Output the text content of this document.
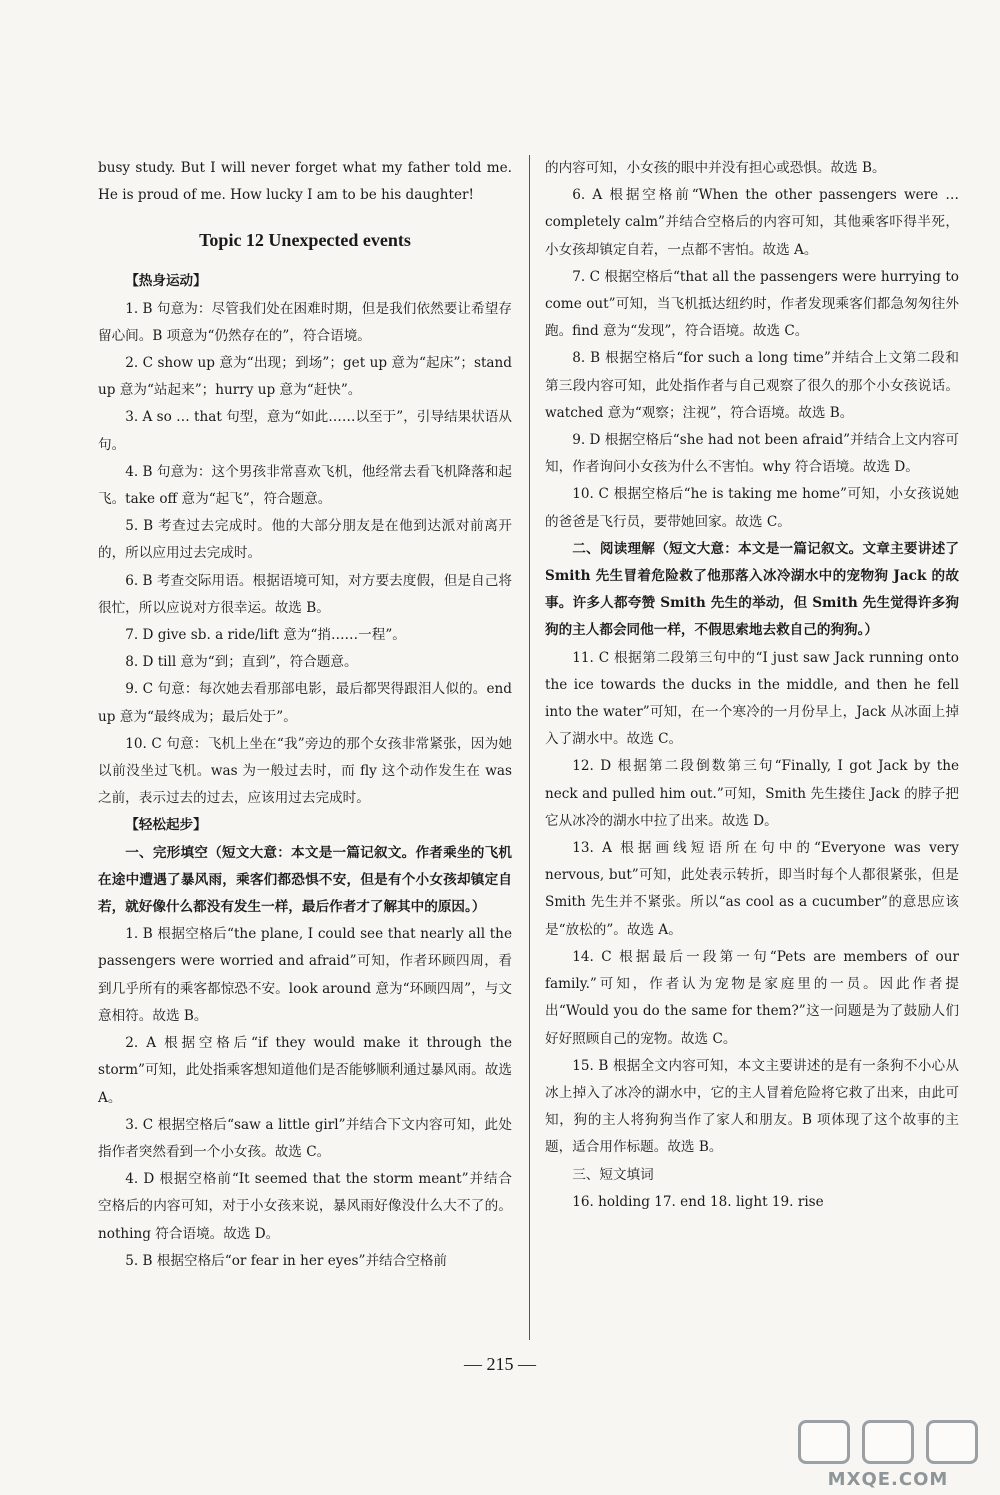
busy study. But I will never forget what my father told me. He is proud of me. How lucky I am to be his daughter!

Topic 12 Unexpected events

【热身运动】

1. B 句意为：尽管我们处在困难时期，但是我们依然要让希望存留心间。B 项意为“仍然存在的”，符合语境。

2. C show up 意为“出现；到场”；get up 意为“起床”；stand up 意为“站起来”；hurry up 意为“赶快”。

3. A so … that 句型，意为“如此……以至于”，引导结果状语从句。

4. B 句意为：这个男孩非常喜欢飞机，他经常去看飞机降落和起飞。take off 意为“起飞”，符合题意。

5. B 考查过去完成时。他的大部分朋友是在他到达派对前离开的，所以应用过去完成时。

6. B 考查交际用语。根据语境可知，对方要去度假，但是自己将很忙，所以应说对方很幸运。故选 B。

7. D give sb. a ride/lift 意为“捎……一程”。

8. D till 意为“到；直到”，符合题意。

9. C 句意：每次她去看那部电影，最后都哭得跟泪人似的。end up 意为“最终成为；最后处于”。

10. C 句意：飞机上坐在“我”旁边的那个女孩非常紧张，因为她以前没坐过飞机。was 为一般过去时，而 fly 这个动作发生在 was 之前，表示过去的过去，应该用过去完成时。

【轻松起步】

一、完形填空（短文大意：本文是一篇记叙文。作者乘坐的飞机在途中遭遇了暴风雨，乘客们都恐惧不安，但是有个小女孩却镇定自若，就好像什么都没有发生一样，最后作者才了解其中的原因。）

1. B 根据空格后“the plane, I could see that nearly all the passengers were worried and afraid”可知，作者环顾四周，看到几乎所有的乘客都惊恐不安。look around 意为“环顾四周”，与文意相符。故选 B。

2. A 根据空格后“if they would make it through the storm”可知，此处指乘客想知道他们是否能够顺利通过暴风雨。故选 A。

3. C 根据空格后“saw a little girl”并结合下文内容可知，此处指作者突然看到一个小女孩。故选 C。

4. D 根据空格前“It seemed that the storm meant”并结合空格后的内容可知，对于小女孩来说，暴风雨好像没什么大不了的。nothing 符合语境。故选 D。

5. B 根据空格后“or fear in her eyes”并结合空格前

的内容可知，小女孩的眼中并没有担心或恐惧。故选 B。

6. A 根据空格前“When the other passengers were … completely calm”并结合空格后的内容可知，其他乘客吓得半死，小女孩却镇定自若，一点都不害怕。故选 A。

7. C 根据空格后“that all the passengers were hurrying to come out”可知，当飞机抵达纽约时，作者发现乘客们都急匆匆往外跑。find 意为“发现”，符合语境。故选 C。

8. B 根据空格后“for such a long time”并结合上文第二段和第三段内容可知，此处指作者与自己观察了很久的那个小女孩说话。watched 意为“观察；注视”，符合语境。故选 B。

9. D 根据空格后“she had not been afraid”并结合上文内容可知，作者询问小女孩为什么不害怕。why 符合语境。故选 D。

10. C 根据空格后“he is taking me home”可知，小女孩说她的爸爸是飞行员，要带她回家。故选 C。

二、阅读理解（短文大意：本文是一篇记叙文。文章主要讲述了 Smith 先生冒着危险救了他那落入冰冷湖水中的宠物狗 Jack 的故事。许多人都夸赞 Smith 先生的举动，但 Smith 先生觉得许多狗狗的主人都会同他一样，不假思索地去救自己的狗狗。）

11. C 根据第二段第三句中的“I just saw Jack running onto the ice towards the ducks in the middle, and then he fell into the water”可知，在一个寒冷的一月份早上，Jack 从冰面上掉入了湖水中。故选 C。

12. D 根据第二段倒数第三句“Finally, I got Jack by the neck and pulled him out.”可知，Smith 先生搂住 Jack 的脖子把它从冰冷的湖水中拉了出来。故选 D。

13. A 根据画线短语所在句中的“Everyone was very nervous, but”可知，此处表示转折，即当时每个人都很紧张，但是 Smith 先生并不紧张。所以“as cool as a cucumber”的意思应该是“放松的”。故选 A。

14. C 根据最后一段第一句“Pets are members of our family.”可知，作者认为宠物是家庭里的一员。因此作者提出“Would you do the same for them?”这一问题是为了鼓励人们好好照顾自己的宠物。故选 C。

15. B 根据全文内容可知，本文主要讲述的是有一条狗不小心从冰上掉入了冰冷的湖水中，它的主人冒着危险将它救了出来，由此可知，狗的主人将狗狗当作了家人和朋友。B 项体现了这个故事的主题，适合用作标题。故选 B。

三、短文填词

16. holding 17. end 18. light 19. rise

— 215 —
MXQE.COM
